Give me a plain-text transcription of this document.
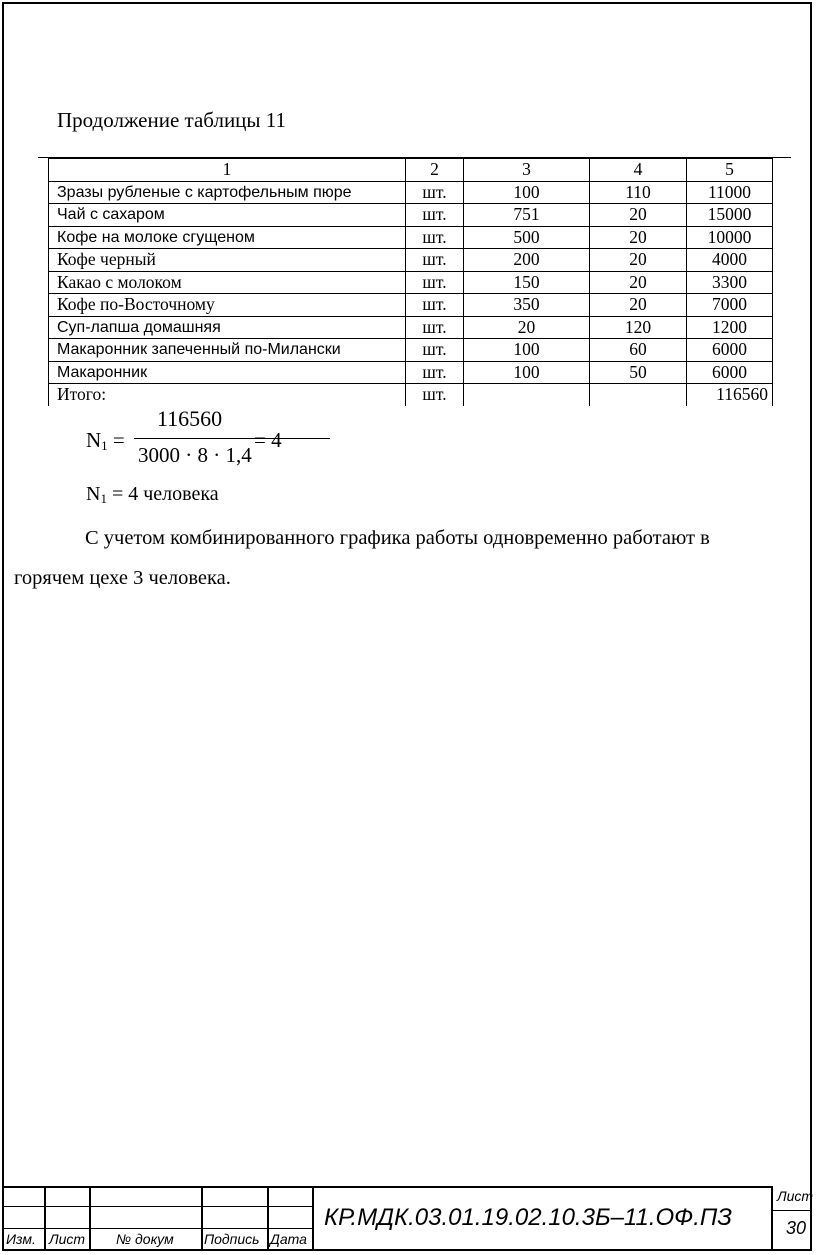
Продолжение таблицы 11
1	2	3	4	5
Зразы рубленые с картофельным пюре	шт.	100	110	11000
Чай с сахаром	шт.	751	20	15000
Кофе на молоке сгущеном	шт.	500	20	10000
Кофе черный	шт.	200	20	4000
Какао с молоком	шт.	150	20	3300
Кофе по-Восточному	шт.	350	20	7000
Суп-лапша домашняя	шт.	20	120	1200
Макаронник запеченный по-Милански	шт.	100	60	6000
Макаронник	шт.	100	50	6000
Итого:	шт.			116560
$N_1$ =
116560
3000 · 8 · 1,4
= 4
$N_1 = 4$ человека

С учетом комбинированного графика работы одновременно работают в горячем цехе 3 человека.

Изм. Лист № докум Подпись Дата
КР.МДК.03.01.19.02.10.3Б–11.ОФ.ПЗ
Лист
30
